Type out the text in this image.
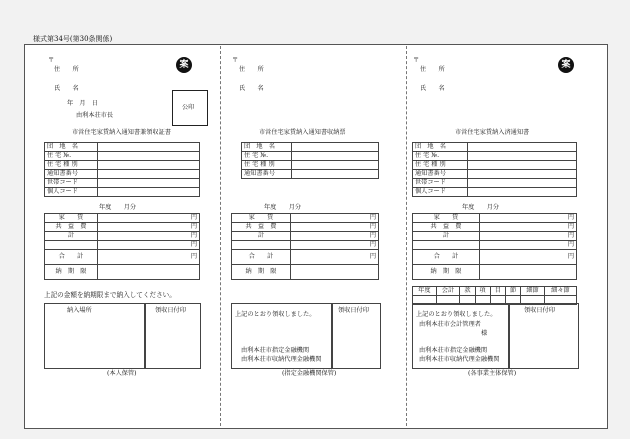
様式第34号(第30条関係)
〒
住　　所
氏　　名
案
年　月　日
由利本荘市長
公印
市営住宅家賃納入通知書兼領収証書
団　地　名	
住 宅 №.	
住 宅 種 別	
通知書番号	
世帯コード	
個人コード	
年度　　月分
家　　賃	円
共　益　費	円
計	円
	円
合　　計	円
納　期　限	
上記の金額を納期限まで納入してください。
納入場所	領収日付印
(本人保管)
〒
住　　所
氏　　名
市営住宅家賃納入通知書収納票
団　地　名	
住 宅 №.	
住 宅 種 別	
通知書番号	
年度　　月分
家　　賃	円
共　益　費	円
計	円
	円
合　　計	円
納　期　限	
上記のとおり領収しました。
由利本荘市指定金融機関
由利本荘市収納代理金融機関
領収日付印
(指定金融機関保管)
〒
住　　所
氏　　名
案
市営住宅家賃納入済通知書
団　地　名	
住 宅 №.	
住 宅 種 別	
通知書番号	
世帯コード	
個人コード	
年度　　月分
家　　賃	円
共　益　費	円
計	円
	円
合　　計	円
納　期　限	
年度	会計	款	項	目	節	細節	細々節

上記のとおり領収しました。
由利本荘市会計管理者
様
由利本荘市指定金融機関
由利本荘市収納代理金融機関
領収日付印
(各事業主体保管)
